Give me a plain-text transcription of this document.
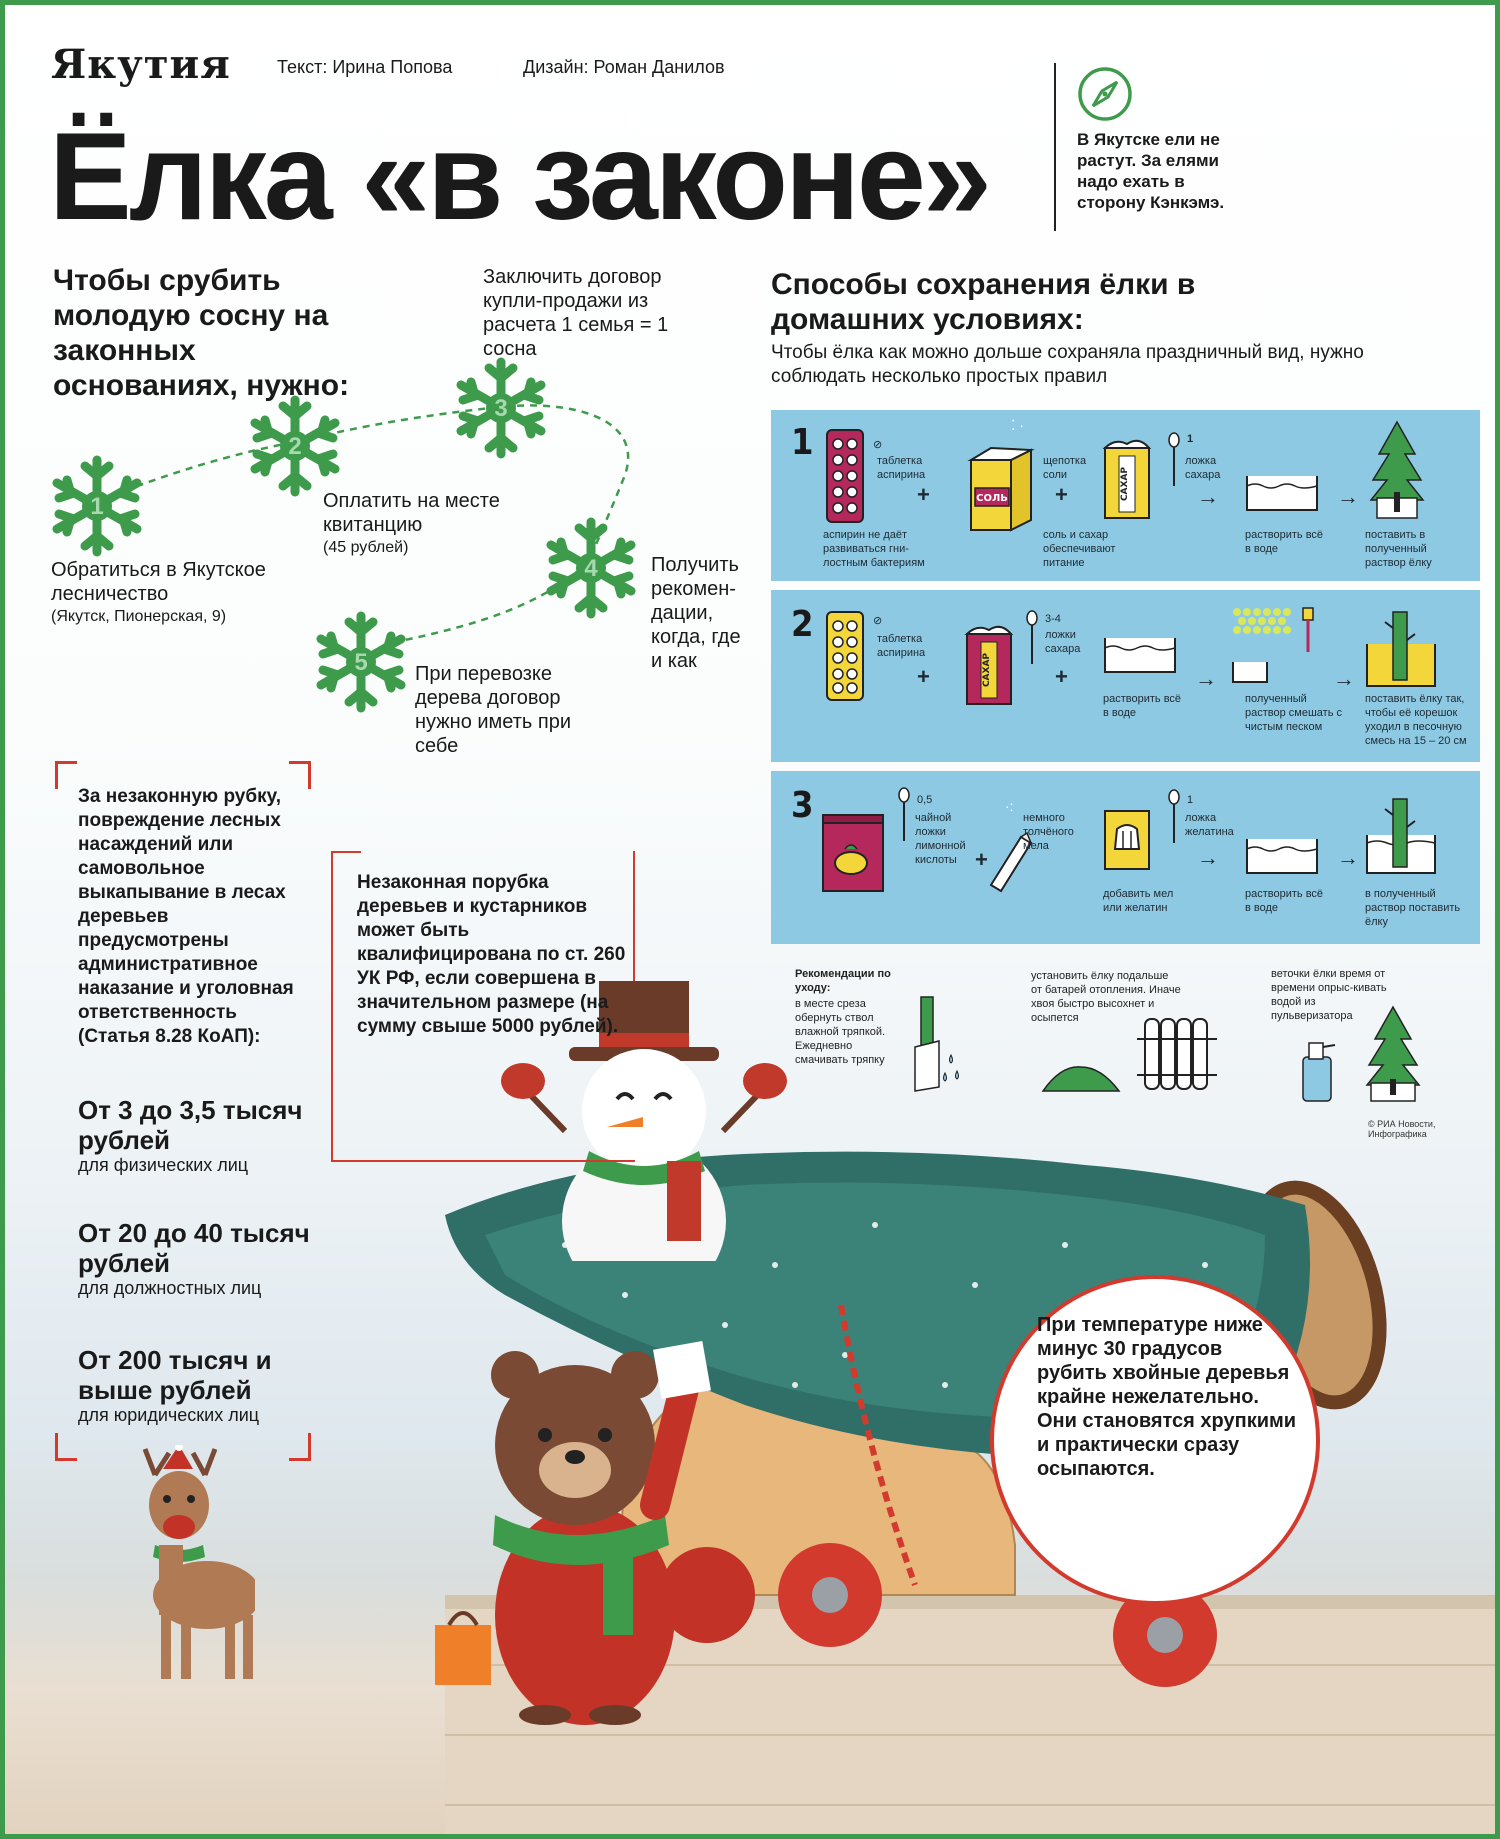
Якутия	Текст: Ирина Попова	Дизайн: Роман Данилов
Ёлка «в законе»	В Якутске ели не растут. За елями надо ехать в сторону Кэнкэмэ.
Чтобы срубить молодую сосну на законных основаниях, нужно:
1
2
3
4
5
Обратиться в Якутское лесничество
(Якутск, Пионерская, 9)
Оплатить на месте квитанцию
(45 рублей)
Заключить договор купли-продажи из расчета 1 семья = 1 сосна
Получить рекомен-дации, когда, где и как
При перевозке дерева договор нужно иметь при себе
Способы сохранения ёлки в домашних условиях:
Чтобы ёлка как можно дольше сохраняла праздничный вид, нужно соблюдать несколько простых правил
1	⊘
таблетка аспирина
+
аспирин не даёт развиваться гни-лостным бактериям
СОЛЬ
⁚ ·
щепотка соли
+
соль и сахар обеспечивают питание
САХАР
1
ложка сахара
→
растворить всё в воде
→
поставить в полученный раствор ёлку
2	⊘
таблетка аспирина
+	САХАР
3-4
ложки сахара
+
растворить всё в воде
→
полученный раствор смешать с чистым песком
→
поставить ёлку так, чтобы её корешок уходил в песочную смесь на 15 – 20 см
3	0,5
чайной ложки лимонной кислоты +
·:
немного толчёного мела
1
ложка желатина
добавить мел или желатин
→
растворить всё в воде
→
в полученный раствор поставить ёлку
Рекомендации по уходу:
в месте среза обернуть ствол влажной тряпкой. Ежедневно смачивать тряпку
установить ёлку подальше от батарей отопления. Иначе хвоя быстро высохнет и осыпется
веточки ёлки время от времени опрыс-кивать водой из пульверизатора
© РИА Новости, Инфографика
За незаконную рубку, повреждение лесных насаждений или самовольное выкапывание в лесах деревьев предусмотрены административное наказание и уголовная ответственность (Статья 8.28 КоАП):
От 3 до 3,5 тысяч рублей
для физических лиц
От 20 до 40 тысяч рублей
для должностных лиц
От 200 тысяч и выше рублей
для юридических лиц
Незаконная порубка деревьев и кустарников может быть квалифицирована по ст. 260 УК РФ, если совершена в значительном размере (на сумму свыше 5000 рублей).
При температуре ниже минус 30 градусов рубить хвойные деревья крайне нежелательно. Они становятся хрупкими и практически сразу осыпаются.
